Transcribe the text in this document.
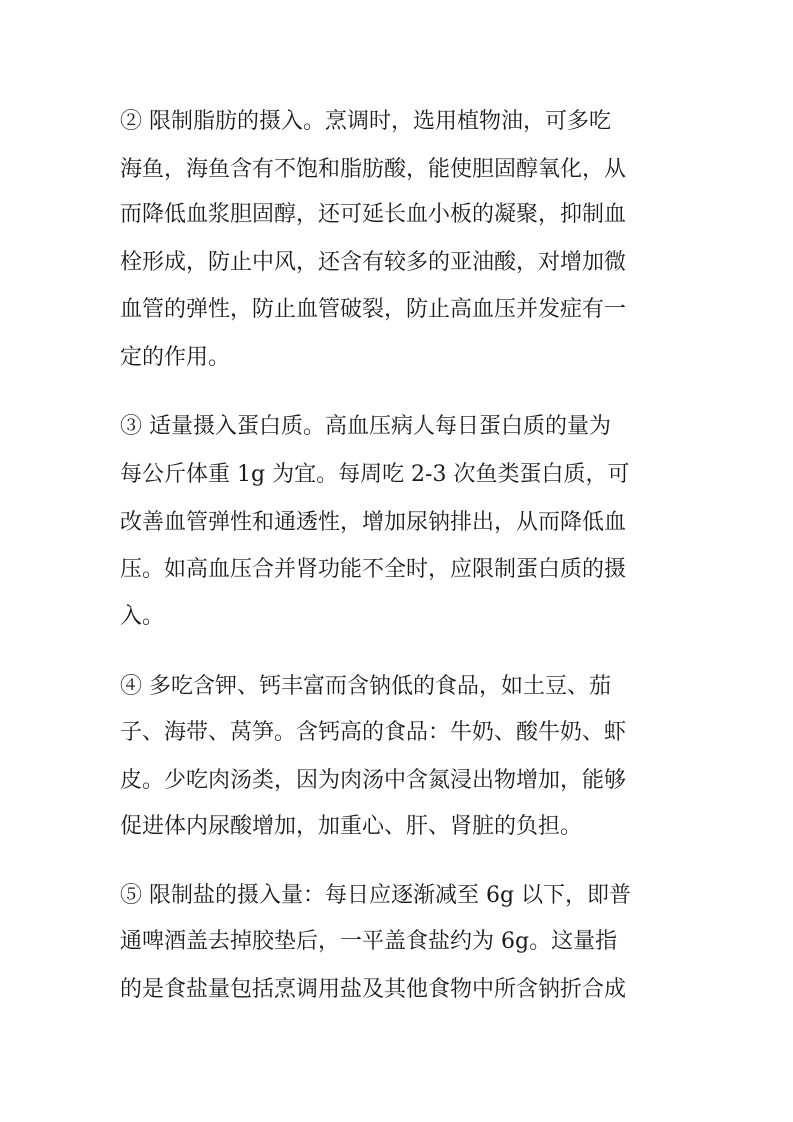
② 限制脂肪的摄入。烹调时，选用植物油，可多吃
海鱼，海鱼含有不饱和脂肪酸，能使胆固醇氧化，从
而降低血浆胆固醇，还可延长血小板的凝聚，抑制血
栓形成，防止中风，还含有较多的亚油酸，对增加微
血管的弹性，防止血管破裂，防止高血压并发症有一
定的作用。
③ 适量摄入蛋白质。高血压病人每日蛋白质的量为
每公斤体重 1g 为宜。每周吃 2-3 次鱼类蛋白质，可
改善血管弹性和通透性，增加尿钠排出，从而降低血
压。如高血压合并肾功能不全时，应限制蛋白质的摄
入。
④ 多吃含钾、钙丰富而含钠低的食品，如土豆、茄
子、海带、莴笋。含钙高的食品：牛奶、酸牛奶、虾
皮。少吃肉汤类，因为肉汤中含氮浸出物增加，能够
促进体内尿酸增加，加重心、肝、肾脏的负担。
⑤ 限制盐的摄入量：每日应逐渐减至 6g 以下，即普
通啤酒盖去掉胶垫后，一平盖食盐约为 6g。这量指
的是食盐量包括烹调用盐及其他食物中所含钠折合成
